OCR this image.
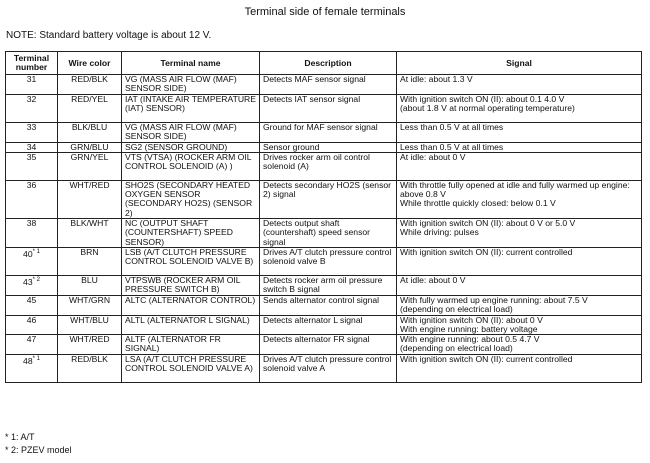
Terminal side of female terminals
NOTE: Standard battery voltage is about 12 V.
Terminal number	Wire color	Terminal name	Description	Signal
31	RED/BLK	VG (MASS AIR FLOW (MAF) SENSOR SIDE)	Detects MAF sensor signal	At idle: about 1.3 V
32	RED/YEL	IAT (INTAKE AIR TEMPERATURE (IAT) SENSOR)	Detects IAT sensor signal	With ignition switch ON (II): about 0.1 4.0 V
(about 1.8 V at normal operating temperature)
33	BLK/BLU	VG (MASS AIR FLOW (MAF) SENSOR SIDE)	Ground for MAF sensor signal	Less than 0.5 V at all times
34	GRN/BLU	SG2 (SENSOR GROUND)	Sensor ground	Less than 0.5 V at all times
35	GRN/YEL	VTS (VTSA) (ROCKER ARM OIL CONTROL SOLENOID (A) )	Drives rocker arm oil control solenoid (A)	At idle: about 0 V
36	WHT/RED	SHO2S (SECONDARY HEATED OXYGEN SENSOR (SECONDARY HO2S) (SENSOR 2)	Detects secondary HO2S (sensor 2) signal	With throttle fully opened at idle and fully warmed up engine: above 0.8 V
While throttle quickly closed: below 0.1 V
38	BLK/WHT	NC (OUTPUT SHAFT (COUNTERSHAFT) SPEED SENSOR)	Detects output shaft (countershaft) speed sensor signal	With ignition switch ON (II): about 0 V or 5.0 V
While driving: pulses
40$^{* 1}$	BRN	LSB (A/T CLUTCH PRESSURE CONTROL SOLENOID VALVE B)	Drives A/T clutch pressure control solenoid valve B	With ignition switch ON (II): current controlled
43$^{* 2}$	BLU	VTPSWB (ROCKER ARM OIL PRESSURE SWITCH B)	Detects rocker arm oil pressure switch B signal	At idle: about 0 V
45	WHT/GRN	ALTC (ALTERNATOR CONTROL)	Sends alternator control signal	With fully warmed up engine running: about 7.5 V
(depending on electrical load)
46	WHT/BLU	ALTL (ALTERNATOR L SIGNAL)	Detects alternator L signal	With ignition switch ON (II): about 0 V
With engine running: battery voltage
47	WHT/RED	ALTF (ALTERNATOR FR SIGNAL)	Detects alternator FR signal	With engine running: about 0.5 4.7 V
(depending on electrical load)
48$^{* 1}$	RED/BLK	LSA (A/T CLUTCH PRESSURE CONTROL SOLENOID VALVE A)	Drives A/T clutch pressure control solenoid valve A	With ignition switch ON (II): current controlled
* 1: A/T
* 2: PZEV model
